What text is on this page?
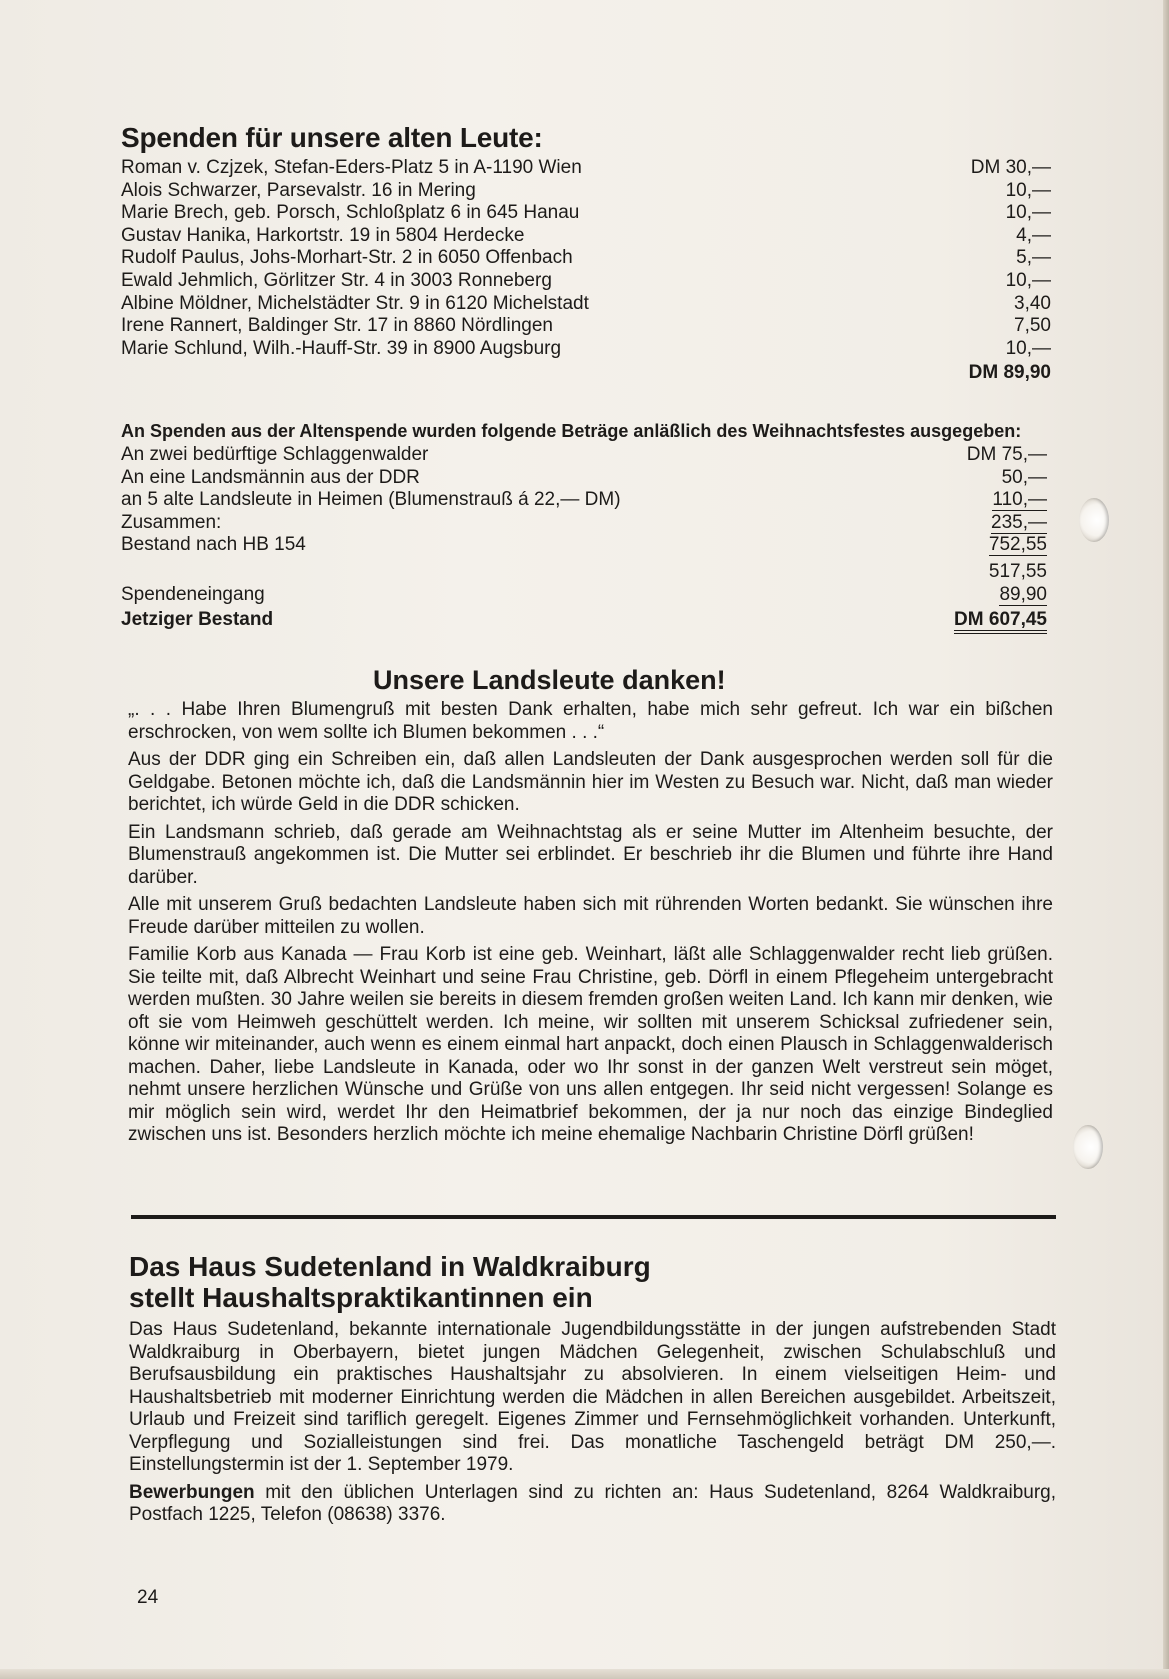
Spenden für unsere alten Leute:
Roman v. Czjzek, Stefan-Eders-Platz 5 in A-1190 Wien	DM 30,—
Alois Schwarzer, Parsevalstr. 16 in Mering	10,—
Marie Brech, geb. Porsch, Schloßplatz 6 in 645 Hanau	10,—
Gustav Hanika, Harkortstr. 19 in 5804 Herdecke	4,—
Rudolf Paulus, Johs-Morhart-Str. 2 in 6050 Offenbach	5,—
Ewald Jehmlich, Görlitzer Str. 4 in 3003 Ronneberg	10,—
Albine Möldner, Michelstädter Str. 9 in 6120 Michelstadt	3,40
Irene Rannert, Baldinger Str. 17 in 8860 Nördlingen	7,50
Marie Schlund, Wilh.-Hauff-Str. 39 in 8900 Augsburg	10,—
DM 89,90

An Spenden aus der Altenspende wurden folgende Beträge anläßlich des Weihnachtsfestes ausgegeben:

An zwei bedürftige Schlaggenwalder	DM 75,—
An eine Landsmännin aus der DDR	50,—
an 5 alte Landsleute in Heimen (Blumenstrauß á 22,— DM)	110,—
Zusammen:	235,—
Bestand nach HB 154	752,55
517,55
Spendeneingang	89,90
Jetziger Bestand	DM 607,45
Unsere Landsleute danken!

„. . . Habe Ihren Blumengruß mit besten Dank erhalten, habe mich sehr gefreut. Ich war ein bißchen erschrocken, von wem sollte ich Blumen bekommen . . .“

Aus der DDR ging ein Schreiben ein, daß allen Landsleuten der Dank ausgesprochen werden soll für die Geldgabe. Betonen möchte ich, daß die Landsmännin hier im Westen zu Besuch war. Nicht, daß man wieder berichtet, ich würde Geld in die DDR schicken.

Ein Landsmann schrieb, daß gerade am Weihnachtstag als er seine Mutter im Altenheim besuchte, der Blumenstrauß angekommen ist. Die Mutter sei erblindet. Er beschrieb ihr die Blumen und führte ihre Hand darüber.

Alle mit unserem Gruß bedachten Landsleute haben sich mit rührenden Worten bedankt. Sie wünschen ihre Freude darüber mitteilen zu wollen.

Familie Korb aus Kanada — Frau Korb ist eine geb. Weinhart, läßt alle Schlaggenwalder recht lieb grüßen. Sie teilte mit, daß Albrecht Weinhart und seine Frau Christine, geb. Dörfl in einem Pflegeheim untergebracht werden mußten. 30 Jahre weilen sie bereits in diesem fremden großen weiten Land. Ich kann mir denken, wie oft sie vom Heimweh geschüttelt werden. Ich meine, wir sollten mit unserem Schicksal zufriedener sein, könne wir miteinander, auch wenn es einem einmal hart anpackt, doch einen Plausch in Schlaggenwalderisch machen. Daher, liebe Landsleute in Kanada, oder wo Ihr sonst in der ganzen Welt verstreut sein möget, nehmt unsere herzlichen Wünsche und Grüße von uns allen entgegen. Ihr seid nicht vergessen! Solange es mir möglich sein wird, werdet Ihr den Heimatbrief bekommen, der ja nur noch das einzige Bindeglied zwischen uns ist. Besonders herzlich möchte ich meine ehemalige Nachbarin Christine Dörfl grüßen!

Das Haus Sudetenland in Waldkraiburg
stellt Haushaltspraktikantinnen ein

Das Haus Sudetenland, bekannte internationale Jugendbildungsstätte in der jungen aufstrebenden Stadt Waldkraiburg in Oberbayern, bietet jungen Mädchen Gelegenheit, zwischen Schulabschluß und Berufsausbildung ein praktisches Haushaltsjahr zu absolvieren. In einem vielseitigen Heim- und Haushaltsbetrieb mit moderner Einrichtung werden die Mädchen in allen Bereichen ausgebildet. Arbeitszeit, Urlaub und Freizeit sind tariflich geregelt. Eigenes Zimmer und Fernsehmöglichkeit vorhanden. Unterkunft, Verpflegung und Sozialleistungen sind frei. Das monatliche Taschengeld beträgt DM 250,—. Einstellungstermin ist der 1. September 1979.

Bewerbungen mit den üblichen Unterlagen sind zu richten an: Haus Sudetenland, 8264 Waldkraiburg, Postfach 1225, Telefon (08638) 3376.

24
